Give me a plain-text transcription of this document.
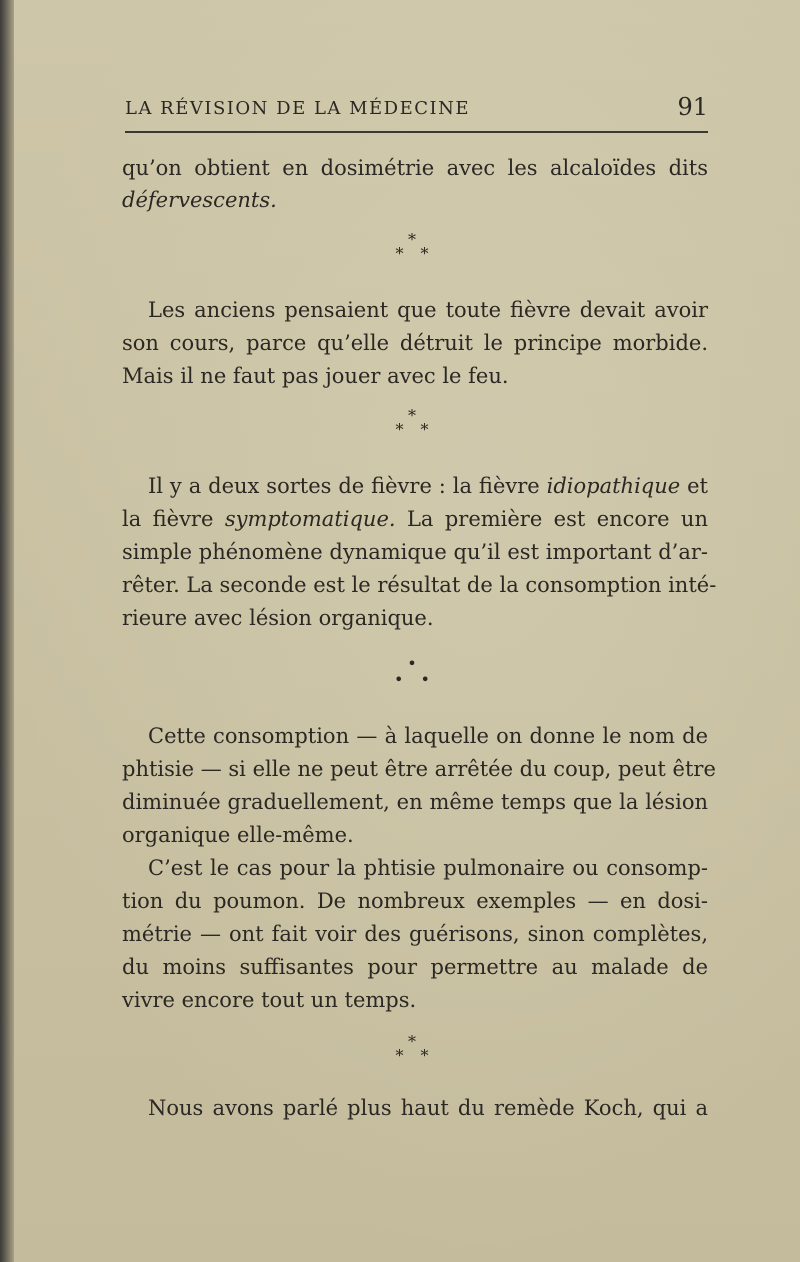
LA RÉVISION DE LA MÉDECINE	91
qu’on obtient en dosimétrie avec les alcaloïdes dits
défervescents.
*
* *
Les anciens pensaient que toute fièvre devait avoir
son cours, parce qu’elle détruit le principe morbide.
Mais il ne faut pas jouer avec le feu.
*
* *
Il y a deux sortes de fièvre : la fièvre idiopathique et
la fièvre symptomatique. La première est encore un
simple phénomène dynamique qu’il est important d’ar-
rêter. La seconde est le résultat de la consomption inté-
rieure avec lésion organique.
•
• •
Cette consomption — à laquelle on donne le nom de
phtisie — si elle ne peut être arrêtée du coup, peut être
diminuée graduellement, en même temps que la lésion
organique elle-même.
C’est le cas pour la phtisie pulmonaire ou consomp-
tion du poumon. De nombreux exemples — en dosi-
métrie — ont fait voir des guérisons, sinon complètes,
du moins suffisantes pour permettre au malade de
vivre encore tout un temps.
*
* *
Nous avons parlé plus haut du remède Koch, qui a
